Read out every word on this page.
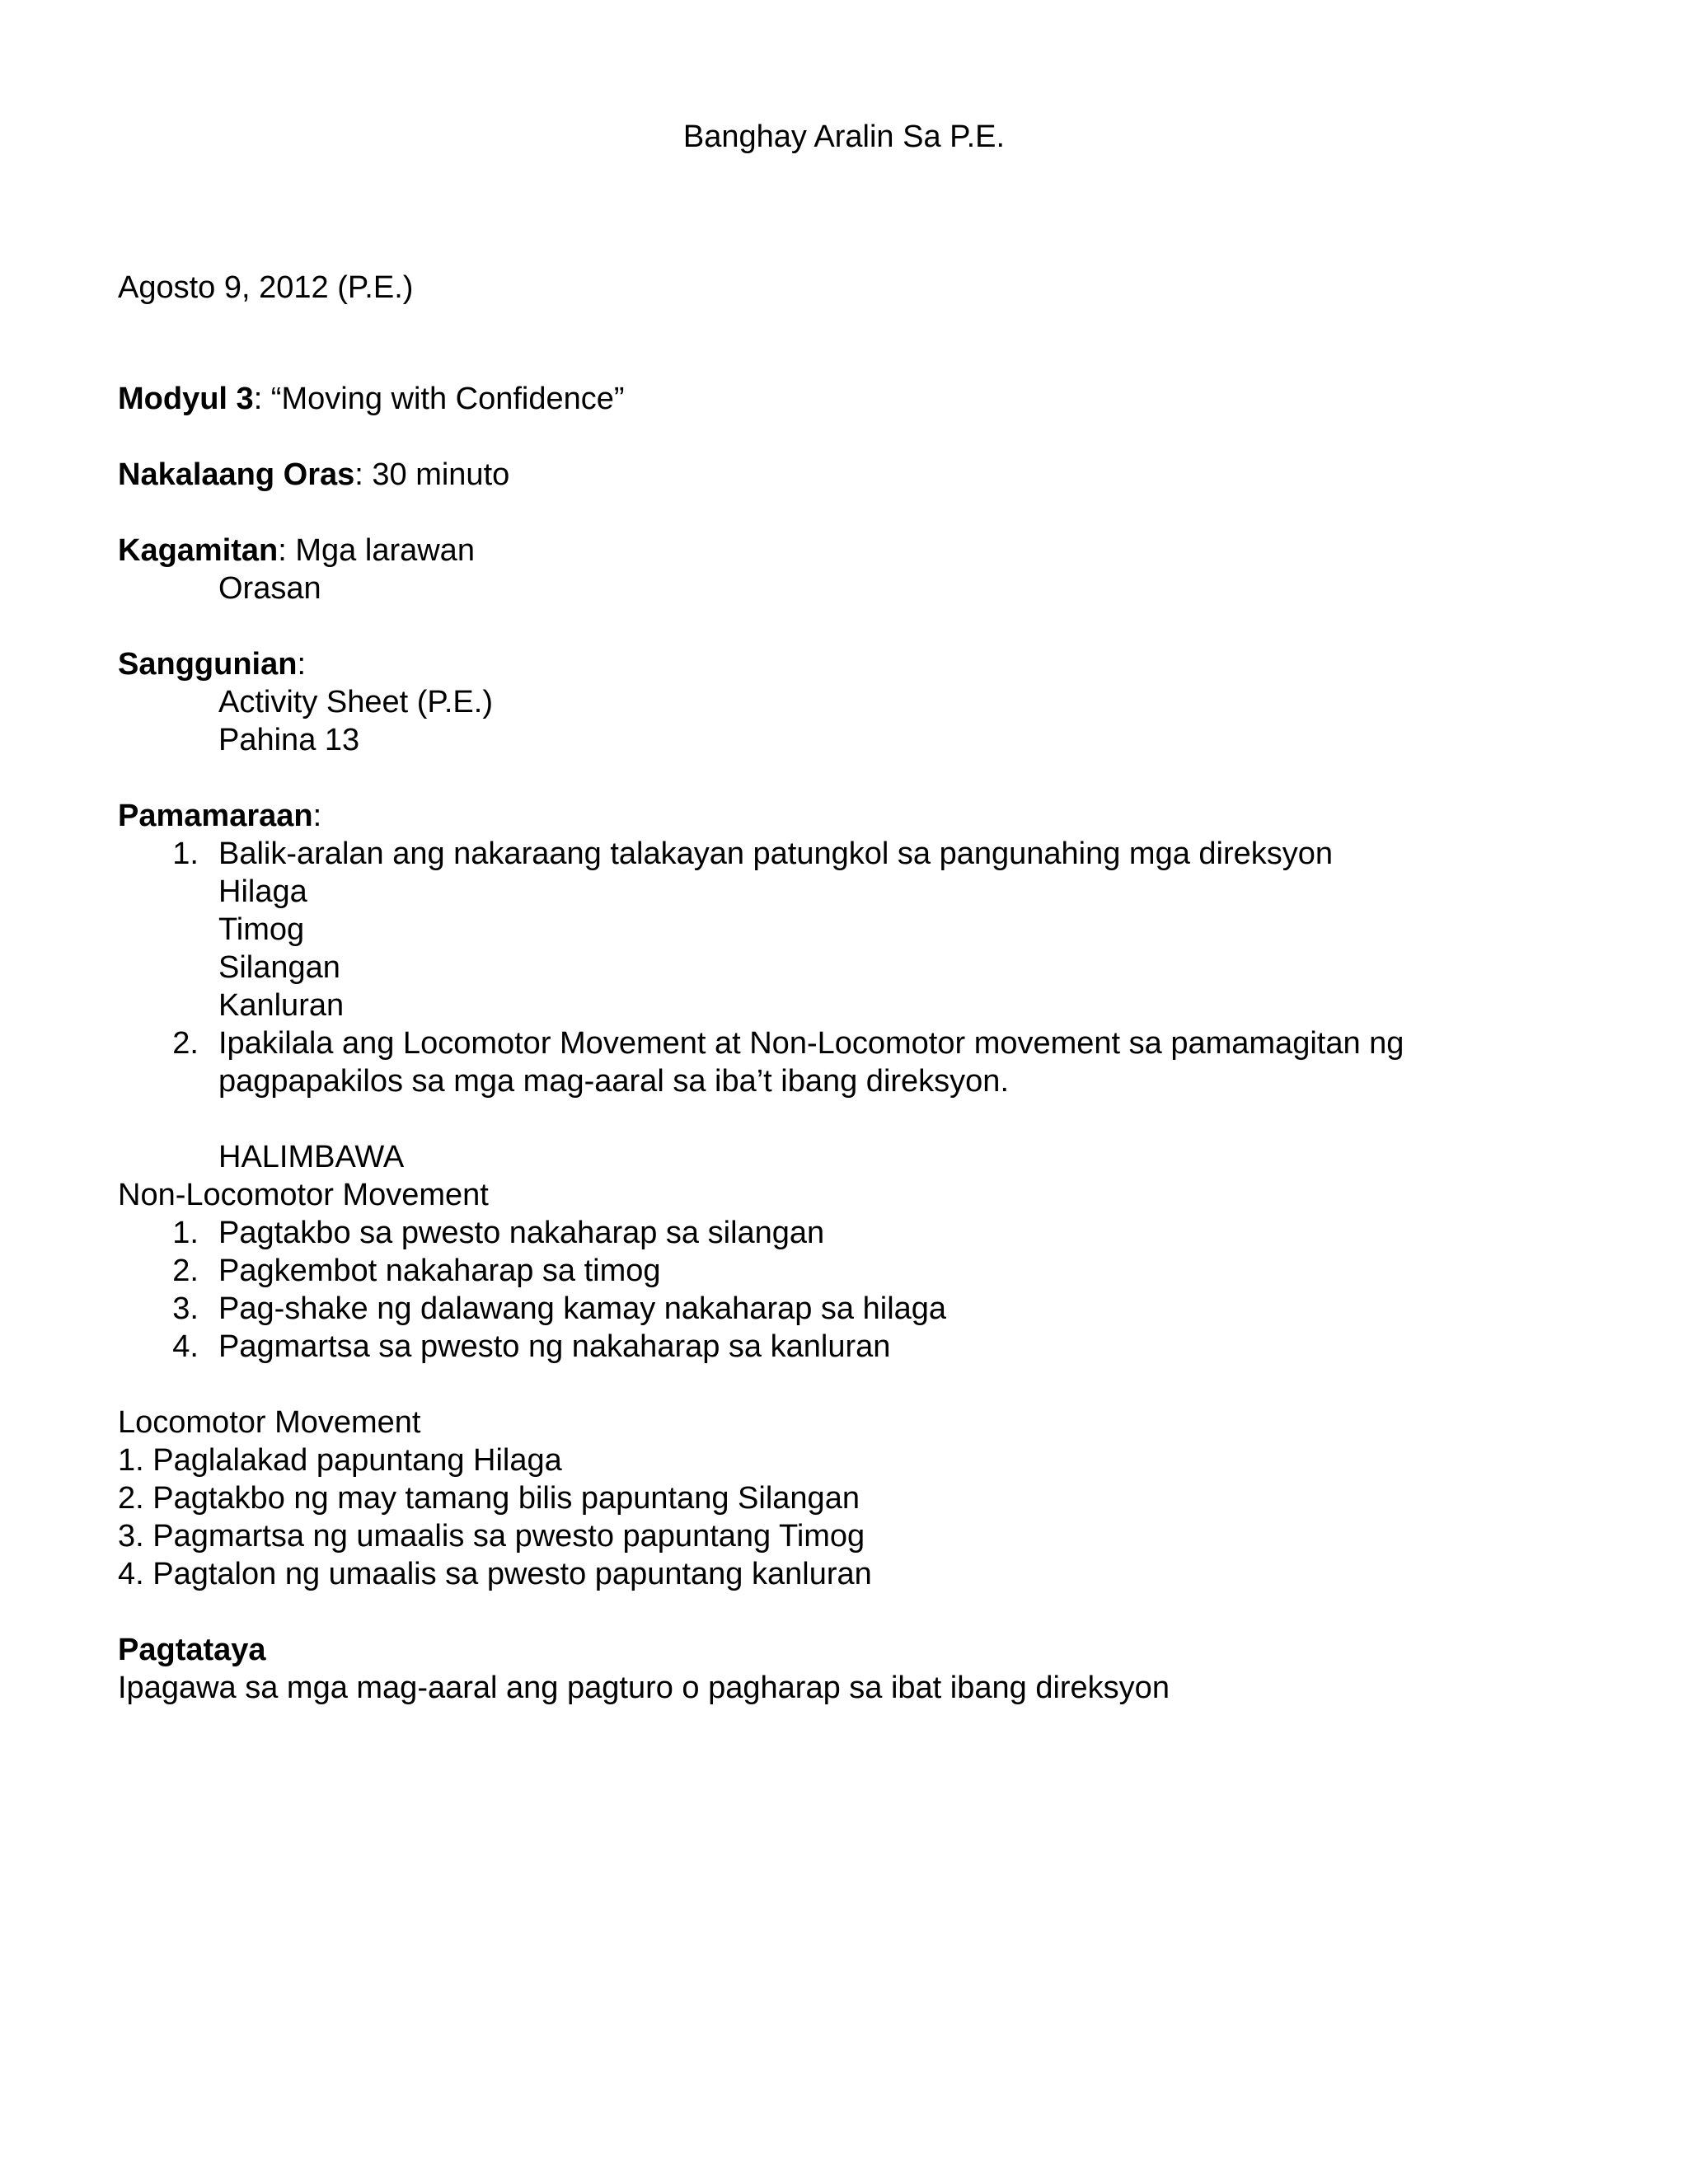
Banghay Aralin Sa P.E.
Agosto 9, 2012 (P.E.)
Modyul 3: “Moving with Confidence”
Nakalaang Oras: 30 minuto
Kagamitan: Mga larawan
Orasan
Sanggunian:
Activity Sheet (P.E.)
Pahina 13
Pamamaraan:
1. Balik-aralan ang nakaraang talakayan patungkol sa pangunahing mga direksyon
Hilaga
Timog
Silangan
Kanluran
2. Ipakilala ang Locomotor Movement at Non-Locomotor movement sa pamamagitan ng
pagpapakilos sa mga mag-aaral sa iba’t ibang direksyon.
HALIMBAWA
Non-Locomotor Movement
1. Pagtakbo sa pwesto nakaharap sa silangan
2. Pagkembot nakaharap sa timog
3. Pag-shake ng dalawang kamay nakaharap sa hilaga
4. Pagmartsa sa pwesto ng nakaharap sa kanluran
Locomotor Movement
1. Paglalakad papuntang Hilaga
2. Pagtakbo ng may tamang bilis papuntang Silangan
3. Pagmartsa ng umaalis sa pwesto papuntang Timog
4. Pagtalon ng umaalis sa pwesto papuntang kanluran
Pagtataya
Ipagawa sa mga mag-aaral ang pagturo o pagharap sa ibat ibang direksyon
